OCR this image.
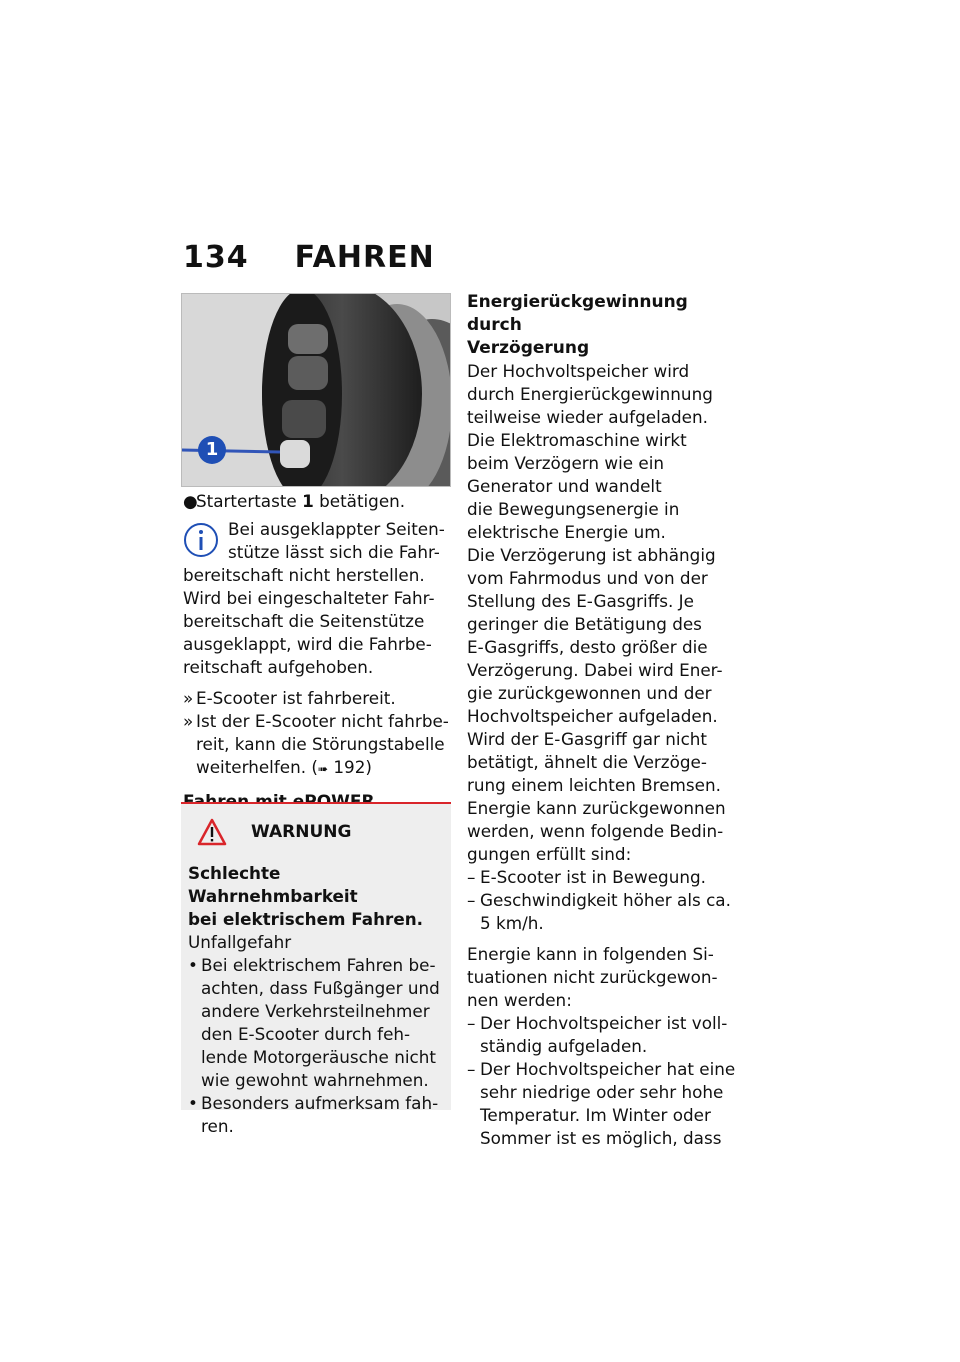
134 FAHREN
1
●
Startertaste 1 betätigen.

Bei ausgeklappter Seiten-

stütze lässt sich die Fahr-

bereitschaft nicht herstellen.

Wird bei eingeschalteter Fahr-

bereitschaft die Seitenstütze

ausgeklappt, wird die Fahrbe-

reitschaft aufgehoben.

» E-Scooter ist fahrbereit.
» Ist der E-Scooter nicht fahrbe-
reit, kann die Störungstabelle
weiterhelfen. (➠ 192)
WARNUNG
Schlechte Wahrnehmbarkeit
bei elektrischem Fahren.
Unfallgefahr
• Bei elektrischem Fahren be-
achten, dass Fußgänger und
andere Verkehrsteilnehmer
den E-Scooter durch feh-
lende Motorgeräusche nicht
wie gewohnt wahrnehmen.
• Besonders aufmerksam fah-
ren.
Energierückgewinnung durch
Verzögerung

Der Hochvoltspeicher wird

durch Energierückgewinnung

teilweise wieder aufgeladen.

Die Elektromaschine wirkt

beim Verzögern wie ein

Generator und wandelt

die Bewegungsenergie in

elektrische Energie um.

Die Verzögerung ist abhängig

vom Fahrmodus und von der

Stellung des E-Gasgriffs. Je

geringer die Betätigung des

E-Gasgriffs, desto größer die

Verzögerung. Dabei wird Ener-

gie zurückgewonnen und der

Hochvoltspeicher aufgeladen.

Wird der E-Gasgriff gar nicht

betätigt, ähnelt die Verzöge-

rung einem leichten Bremsen.

Energie kann zurückgewonnen

werden, wenn folgende Bedin-

gungen erfüllt sind:

– E-Scooter ist in Bewegung.
– Geschwindigkeit höher als ca.
5 km/h.

Energie kann in folgenden Si-

tuationen nicht zurückgewon-

nen werden:

– Der Hochvoltspeicher ist voll-
ständig aufgeladen.
– Der Hochvoltspeicher hat eine
sehr niedrige oder sehr hohe
Temperatur. Im Winter oder
Sommer ist es möglich, dass
